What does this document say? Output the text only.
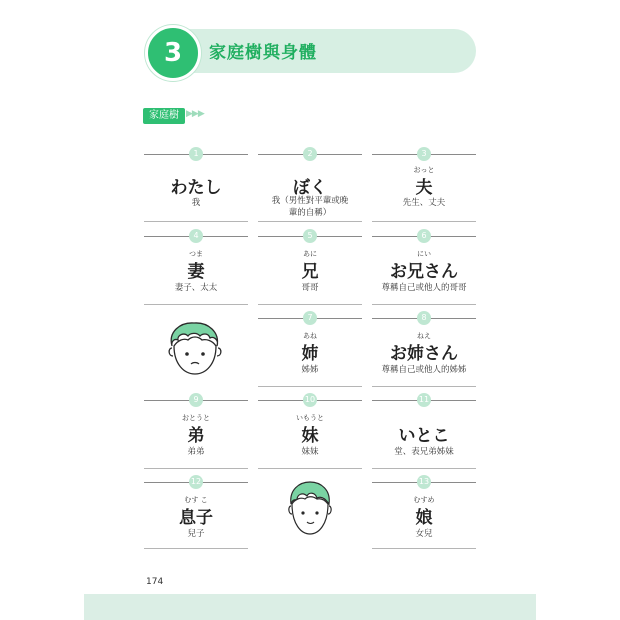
3	家庭樹與身體
家庭樹 ▶▶▶
1
わたし
我
2
ぼく
我（男性對平輩或晚輩的自稱）
3
おっと
夫
先生、丈夫
4
つま
妻
妻子、太太
5
あに
兄
哥哥
6
にい
お兄さん
尊稱自己或他人的哥哥
7
あね
姉
姊姊
8
ねえ
お姉さん
尊稱自己或他人的姊姊
9
おとうと
弟
弟弟
10
いもうと
妹
妹妹
11
いとこ
堂、表兄弟姊妹
12
むす こ
息子
兒子
13
むすめ
娘
女兒
174
